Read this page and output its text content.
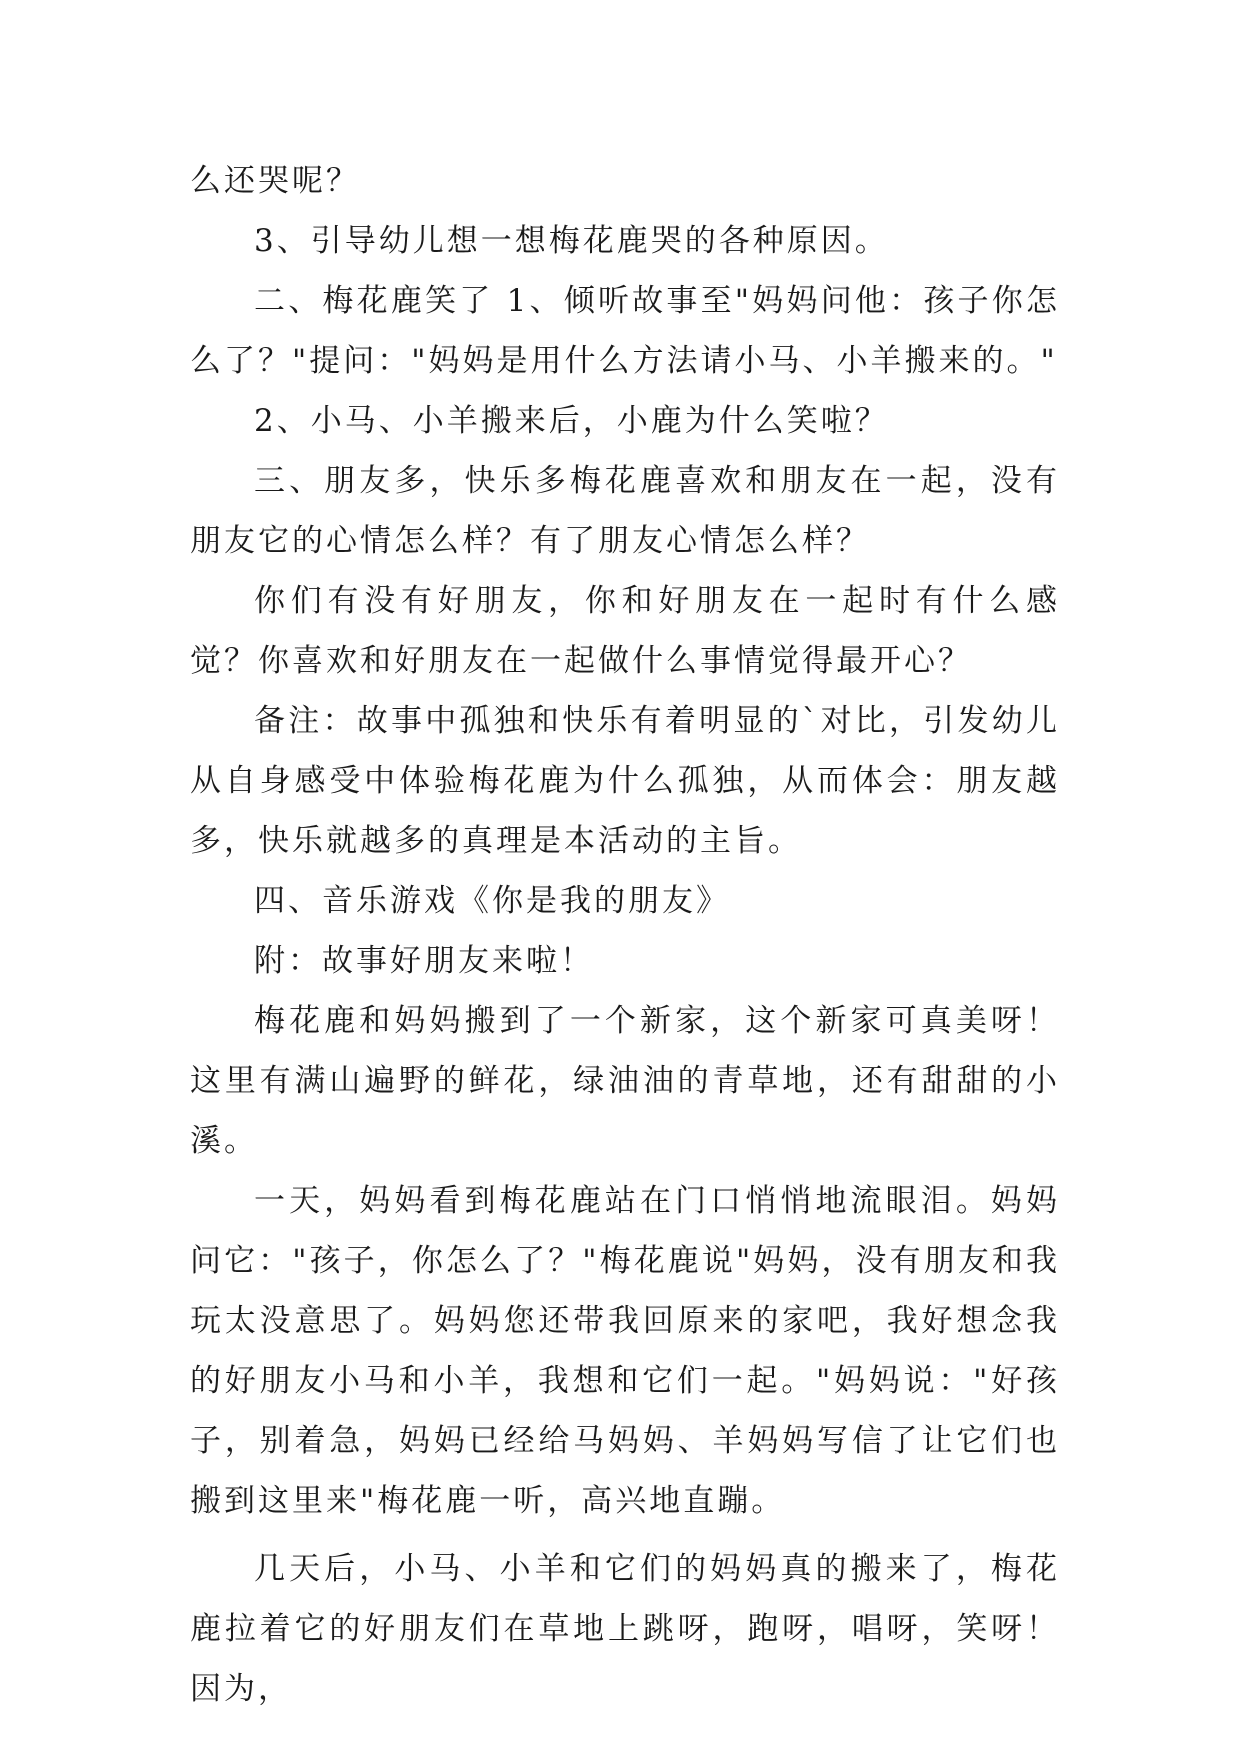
么还哭呢？

3、引导幼儿想一想梅花鹿哭的各种原因。

二、梅花鹿笑了 1、倾听故事至"妈妈问他：孩子你怎么了？"提问："妈妈是用什么方法请小马、小羊搬来的。"

2、小马、小羊搬来后，小鹿为什么笑啦？

三、朋友多，快乐多梅花鹿喜欢和朋友在一起，没有朋友它的心情怎么样？有了朋友心情怎么样？

你们有没有好朋友，你和好朋友在一起时有什么感觉？你喜欢和好朋友在一起做什么事情觉得最开心？

备注：故事中孤独和快乐有着明显的`对比，引发幼儿从自身感受中体验梅花鹿为什么孤独，从而体会：朋友越多，快乐就越多的真理是本活动的主旨。

四、音乐游戏《你是我的朋友》

附：故事好朋友来啦！

梅花鹿和妈妈搬到了一个新家，这个新家可真美呀！这里有满山遍野的鲜花，绿油油的青草地，还有甜甜的小溪。

一天，妈妈看到梅花鹿站在门口悄悄地流眼泪。妈妈问它："孩子，你怎么了？"梅花鹿说"妈妈，没有朋友和我玩太没意思了。妈妈您还带我回原来的家吧，我好想念我的好朋友小马和小羊，我想和它们一起。"妈妈说："好孩子，别着急，妈妈已经给马妈妈、羊妈妈写信了让它们也搬到这里来"梅花鹿一听，高兴地直蹦。

几天后，小马、小羊和它们的妈妈真的搬来了，梅花鹿拉着它的好朋友们在草地上跳呀，跑呀，唱呀，笑呀！因为，
